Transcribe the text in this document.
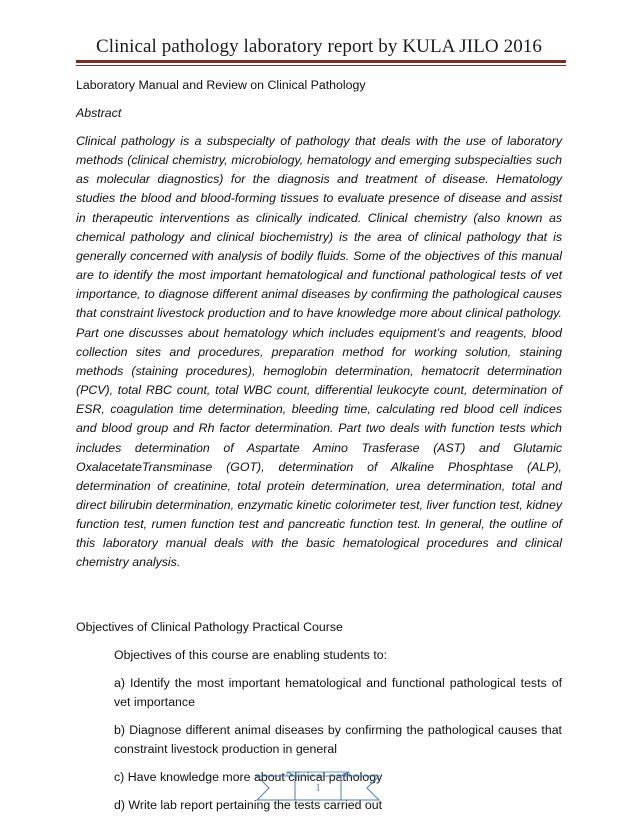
Clinical pathology laboratory report by KULA JILO 2016

Laboratory Manual and Review on Clinical Pathology

Abstract

Clinical pathology is a subspecialty of pathology that deals with the use of laboratory methods (clinical chemistry, microbiology, hematology and emerging subspecialties such as molecular diagnostics) for the diagnosis and treatment of disease. Hematology studies the blood and blood-forming tissues to evaluate presence of disease and assist in therapeutic interventions as clinically indicated. Clinical chemistry (also known as chemical pathology and clinical biochemistry) is the area of clinical pathology that is generally concerned with analysis of bodily fluids. Some of the objectives of this manual are to identify the most important hematological and functional pathological tests of vet importance, to diagnose different animal diseases by confirming the pathological causes that constraint livestock production and to have knowledge more about clinical pathology. Part one discusses about hematology which includes equipment’s and reagents, blood collection sites and procedures, preparation method for working solution, staining methods (staining procedures), hemoglobin determination, hematocrit determination (PCV), total RBC count, total WBC count, differential leukocyte count, determination of ESR, coagulation time determination, bleeding time, calculating red blood cell indices and blood group and Rh factor determination. Part two deals with function tests which includes determination of Aspartate Amino Trasferase (AST) and Glutamic OxalacetateTransminase (GOT), determination of Alkaline Phosphtase (ALP), determination of creatinine, total protein determination, urea determination, total and direct bilirubin determination, enzymatic kinetic colorimeter test, liver function test, kidney function test, rumen function test and pancreatic function test. In general, the outline of this laboratory manual deals with the basic hematological procedures and clinical chemistry analysis.

Objectives of Clinical Pathology Practical Course

Objectives of this course are enabling students to:

a) Identify the most important hematological and functional pathological tests of vet importance

b) Diagnose different animal diseases by confirming the pathological causes that constraint livestock production in general

c) Have knowledge more about clinical pathology

d) Write lab report pertaining the tests carried out

1
